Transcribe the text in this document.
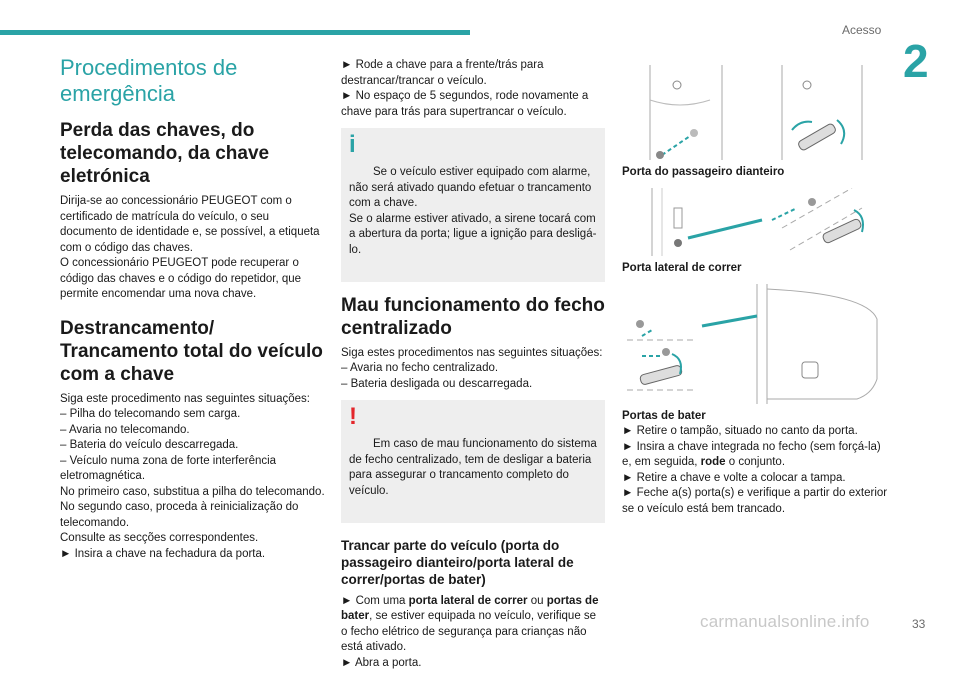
Acesso
2
Procedimentos de emergência
Perda das chaves, do telecomando, da chave eletrónica

Dirija-se ao concessionário PEUGEOT com o certificado de matrícula do veículo, o seu documento de identidade e, se possível, a etiqueta com o código das chaves.
O concessionário PEUGEOT pode recuperar o código das chaves e o código do repetidor, que permite encomendar uma nova chave.

Destrancamento/ Trancamento total do veículo com a chave

Siga este procedimento nas seguintes situações:
– Pilha do telecomando sem carga.
– Avaria no telecomando.
– Bateria do veículo descarregada.
– Veículo numa zona de forte interferência eletromagnética.
No primeiro caso, substitua a pilha do telecomando.
No segundo caso, proceda à reinicialização do telecomando.
Consulte as secções correspondentes.
► Insira a chave na fechadura da porta.

► Rode a chave para a frente/trás para destrancar/trancar o veículo.
► No espaço de 5 segundos, rode novamente a chave para trás para supertrancar o veículo.

i

Se o veículo estiver equipado com alarme, não será ativado quando efetuar o trancamento com a chave.
Se o alarme estiver ativado, a sirene tocará com a abertura da porta; ligue a ignição para desligá-lo.

Mau funcionamento do fecho centralizado

Siga estes procedimentos nas seguintes situações:
– Avaria no fecho centralizado.
– Bateria desligada ou descarregada.

!

Em caso de mau funcionamento do sistema de fecho centralizado, tem de desligar a bateria para assegurar o trancamento completo do veículo.

Trancar parte do veículo (porta do passageiro dianteiro/porta lateral de correr/portas de bater)

► Com uma porta lateral de correr ou portas de bater, se estiver equipada no veículo, verifique se o fecho elétrico de segurança para crianças não está ativado.
► Abra a porta.

Porta do passageiro dianteiro
Porta lateral de correr
Portas de bater

► Retire o tampão, situado no canto da porta.
► Insira a chave integrada no fecho (sem forçá-la) e, em seguida, rode o conjunto.
► Retire a chave e volte a colocar a tampa.
► Feche a(s) porta(s) e verifique a partir do exterior se o veículo está bem trancado.

carmanualsonline.info	33
